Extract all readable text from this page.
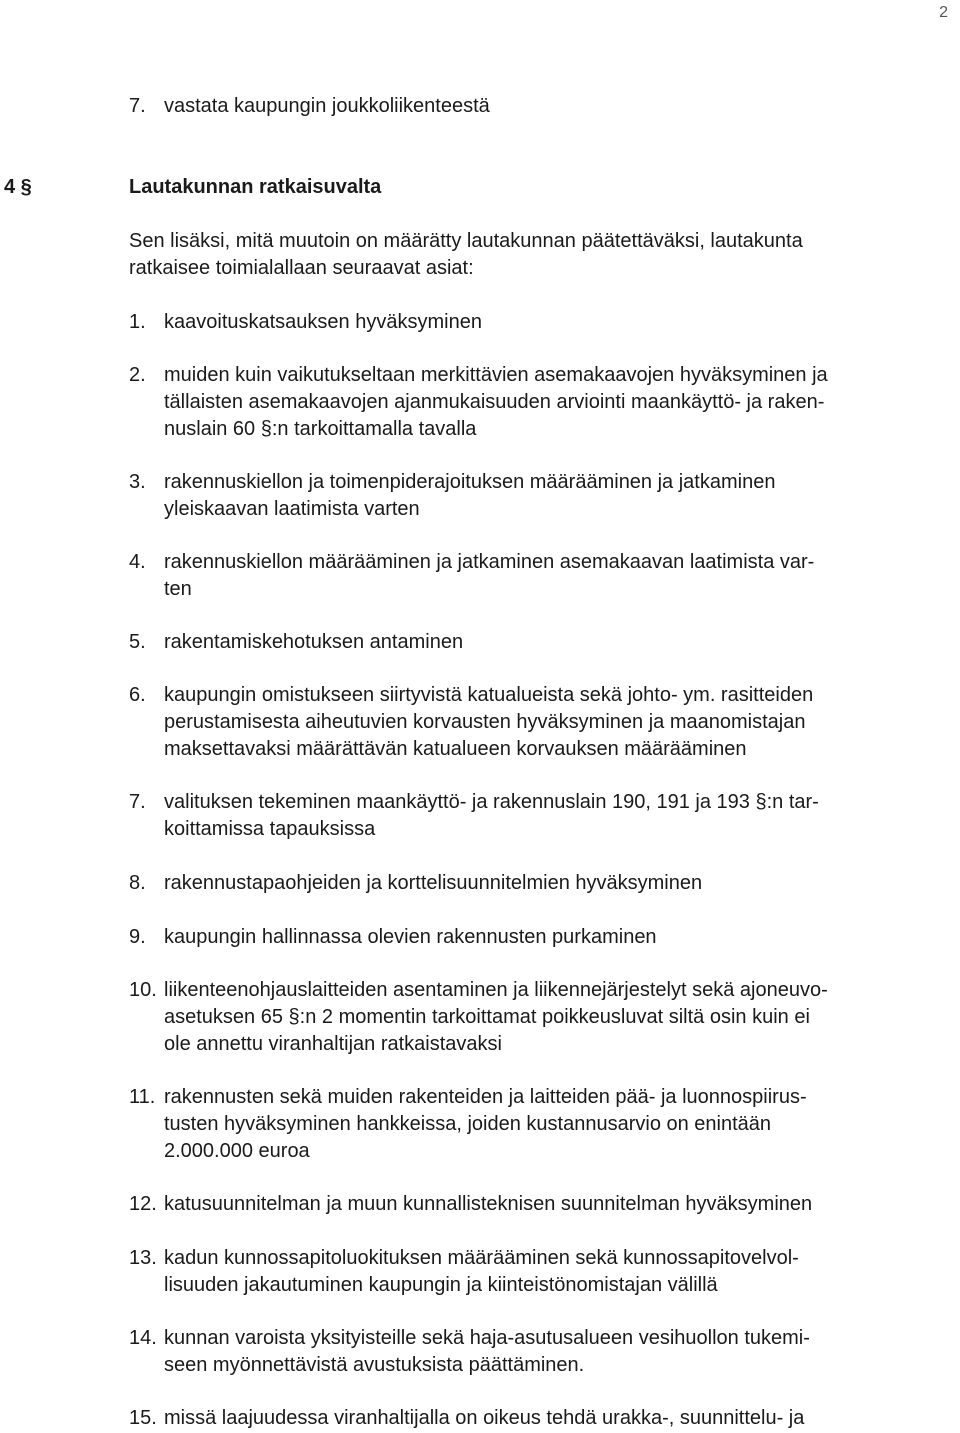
2
7. vastata kaupungin joukkoliikenteestä
4 §	Lautakunnan ratkaisuvalta
Sen lisäksi, mitä muutoin on määrätty lautakunnan päätettäväksi, lautakunta
ratkaisee toimialallaan seuraavat asiat:
1. kaavoituskatsauksen hyväksyminen
2. muiden kuin vaikutukseltaan merkittävien asemakaavojen hyväksyminen ja
tällaisten asemakaavojen ajanmukaisuuden arviointi maankäyttö- ja raken-
nuslain 60 §:n tarkoittamalla tavalla
3. rakennuskiellon ja toimenpiderajoituksen määrääminen ja jatkaminen
yleiskaavan laatimista varten
4. rakennuskiellon määrääminen ja jatkaminen asemakaavan laatimista var-
ten
5. rakentamiskehotuksen antaminen
6. kaupungin omistukseen siirtyvistä katualueista sekä johto- ym. rasitteiden
perustamisesta aiheutuvien korvausten hyväksyminen ja maanomistajan
maksettavaksi määrättävän katualueen korvauksen määrääminen
7. valituksen tekeminen maankäyttö- ja rakennuslain 190, 191 ja 193 §:n tar-
koittamissa tapauksissa
8. rakennustapaohjeiden ja korttelisuunnitelmien hyväksyminen
9. kaupungin hallinnassa olevien rakennusten purkaminen
10. liikenteenohjauslaitteiden asentaminen ja liikennejärjestelyt sekä ajoneuvo-
asetuksen 65 §:n 2 momentin tarkoittamat poikkeusluvat siltä osin kuin ei
ole annettu viranhaltijan ratkaistavaksi
11. rakennusten sekä muiden rakenteiden ja laitteiden pää- ja luonnospiirus-
tusten hyväksyminen hankkeissa, joiden kustannusarvio on enintään
2.000.000 euroa
12. katusuunnitelman ja muun kunnallisteknisen suunnitelman hyväksyminen
13. kadun kunnossapitoluokituksen määrääminen sekä kunnossapitovelvol-
lisuuden jakautuminen kaupungin ja kiinteistönomistajan välillä
14. kunnan varoista yksityisteille sekä haja-asutusalueen vesihuollon tukemi-
seen myönnettävistä avustuksista päättäminen.
15. missä laajuudessa viranhaltijalla on oikeus tehdä urakka-, suunnittelu- ja
